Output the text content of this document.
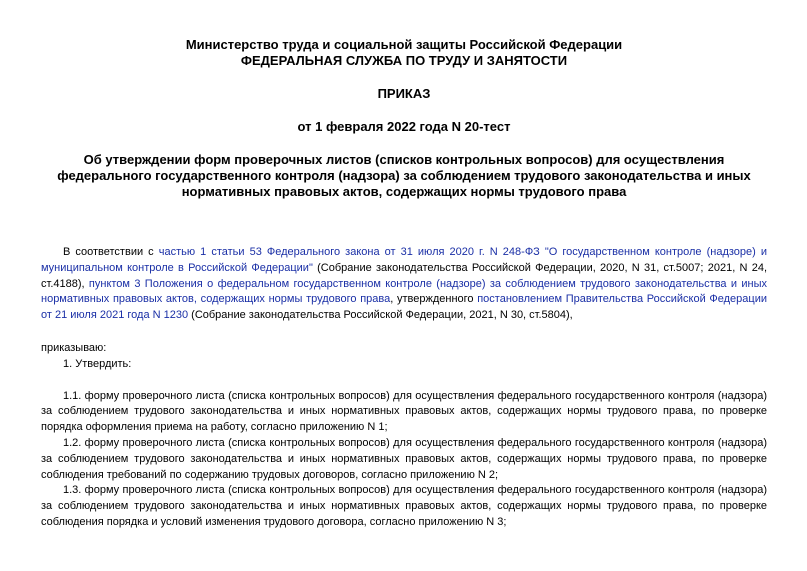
Министерство труда и социальной защиты Российской Федерации
ФЕДЕРАЛЬНАЯ СЛУЖБА ПО ТРУДУ И ЗАНЯТОСТИ
ПРИКАЗ
от 1 февраля 2022 года N 20-тест
Об утверждении форм проверочных листов (списков контрольных вопросов) для осуществления федерального государственного контроля (надзора) за соблюдением трудового законодательства и иных нормативных правовых актов, содержащих нормы трудового права

В соответствии с частью 1 статьи 53 Федерального закона от 31 июля 2020 г. N 248-ФЗ "О государственном контроле (надзоре) и муниципальном контроле в Российской Федерации" (Собрание законодательства Российской Федерации, 2020, N 31, ст.5007; 2021, N 24, ст.4188), пунктом 3 Положения о федеральном государственном контроле (надзоре) за соблюдением трудового законодательства и иных нормативных правовых актов, содержащих нормы трудового права, утвержденного постановлением Правительства Российской Федерации от 21 июля 2021 года N 1230 (Собрание законодательства Российской Федерации, 2021, N 30, ст.5804),

приказываю:

1. Утвердить:

1.1. форму проверочного листа (списка контрольных вопросов) для осуществления федерального государственного контроля (надзора) за соблюдением трудового законодательства и иных нормативных правовых актов, содержащих нормы трудового права, по проверке порядка оформления приема на работу, согласно приложению N 1;

1.2. форму проверочного листа (списка контрольных вопросов) для осуществления федерального государственного контроля (надзора) за соблюдением трудового законодательства и иных нормативных правовых актов, содержащих нормы трудового права, по проверке соблюдения требований по содержанию трудовых договоров, согласно приложению N 2;

1.3. форму проверочного листа (списка контрольных вопросов) для осуществления федерального государственного контроля (надзора) за соблюдением трудового законодательства и иных нормативных правовых актов, содержащих нормы трудового права, по проверке соблюдения порядка и условий изменения трудового договора, согласно приложению N 3;
